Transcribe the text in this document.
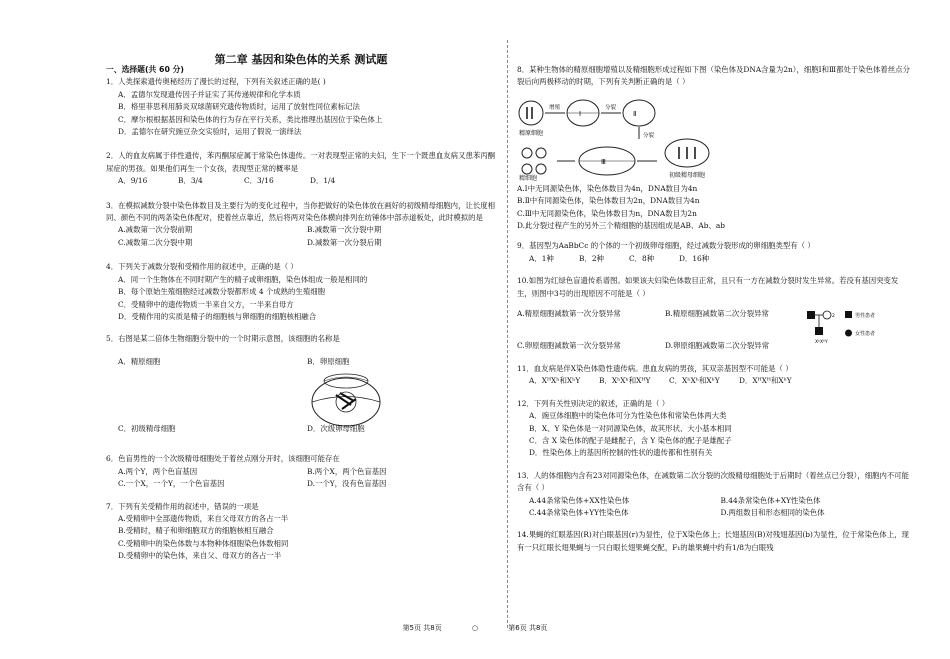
第二章 基因和染色体的关系 测试题
一、选择题(共 60 分)

1．人类探索遗传奥秘经历了漫长的过程，下列有关叙述正确的是( )

A．孟德尔发现遗传因子并证实了其传递规律和化学本质

B．格里菲思利用肺炎双球菌研究遗传物质时，运用了放射性同位素标记法

C．摩尔根根据基因和染色体的行为存在平行关系，类比推理出基因位于染色体上

D．孟德尔在研究豌豆杂交实验时，运用了假说一演绎法

2．人的血友病属于伴性遗传，苯丙酮尿症属于常染色体遗传。一对表现型正常的夫妇，生下一个既患血友病又患苯丙酮尿症的男孩。如果他们再生一个女孩，表现型正常的概率是

A．9/16	B．3/4	C．3/16	D．1/4

3．在模拟减数分裂中染色体数目及主要行为的变化过程中，当你把做好的染色体放在画好的初级精母细胞内，让长度相同、颜色不同的两条染色体配对，使着丝点靠近，然后将两对染色体横向排列在纺锤体中部赤道板处，此时模拟的是

A.减数第一次分裂前期	B.减数第一次分裂中期
C.减数第二次分裂中期	D.减数第一次分裂后期

4．下列关于减数分裂和受精作用的叙述中，正确的是（ ）

A．同一个生物体在不同时期产生的精子或卵细胞，染色体组成一般是相同的

B．每个原始生殖细胞经过减数分裂都形成 4 个成熟的生殖细胞

C．受精卵中的遗传物质一半来自父方，一半来自母方

D．受精作用的实质是精子的细胞核与卵细胞的细胞核相融合

5．右图是某二倍体生物细胞分裂中的一个时期示意图，该细胞的名称是

A．精原细胞	B．卵原细胞
C．初级精母细胞	D．次级卵母细胞

6．色盲男性的一个次级精母细胞处于着丝点刚分开时，该细胞可能存在

A.两个Y，两个色盲基因	B.两个X，两个色盲基因
C.一个X，一个Y，一个色盲基因	D.一个Y，没有色盲基因

7．下列有关受精作用的叙述中，错误的一项是

A.受精卵中全部遗传物质，来自父母双方的各占一半

B.受精时，精子和卵细胞双方的细胞核相互融合

C.受精卵中的染色体数与本物种体细胞染色体数相同

D.受精卵中的染色体，来自父、母双方的各占一半

8．某种生物体的精原细胞增殖以及精细胞形成过程如下图（染色体及DNA含量为2n），细胞Ⅰ和Ⅲ都处于染色体着丝点分裂后向两极移动的时期，下列有关判断正确的是（ ）

精原细胞
增殖
Ⅰ
分裂
Ⅱ
分裂
精细胞
Ⅲ
初级精母细胞

A.Ⅰ中无同源染色体，染色体数目为4n，DNA数目为4n

B.Ⅱ中有同源染色体，染色体数目为2n，DNA数目为4n

C.Ⅲ中无同源染色体，染色体数目为n，DNA数目为2n

D.此分裂过程产生的另外三个精细胞的基因组成是AB、Ab、ab

9．基因型为AaBbCc 的个体的一个初级卵母细胞，经过减数分裂形成的卵细胞类型有（ ）

A．1种	B．2种	C．8种	D．16种

10.如图为红绿色盲遗传系谱图。如果该夫妇染色体数目正常，且只有一方在减数分裂时发生异常。若没有基因突变发生，则图中3号的出现原因不可能是（ ）

A.精原细胞减数第一次分裂异常	B.精原细胞减数第二次分裂异常
C.卵原细胞减数第一次分裂异常	D.卵原细胞减数第二次分裂异常
2
XᵇXᵇY
男性患者
女性患者

11．血友病是伴X染色体隐性遗传病。患血友病的男孩，其双亲基因型不可能是（ ）

A．XᴴXʰ和XʰY	B．XʰXʰ和XᴴY	C．XʰXʰ和XʰY	D．XᴴXᴴ和XʰY

12．下列有关性别决定的叙述，正确的是（ ）

A．豌豆体细胞中的染色体可分为性染色体和常染色体两大类

B．X、Y 染色体是一对同源染色体，故其形状、大小基本相同

C．含 X 染色体的配子是雌配子，含 Y 染色体的配子是雄配子

D．性染色体上的基因所控制的性状的遗传都和性别有关

13．人的体细胞内含有23对同源染色体，在减数第二次分裂的次级精母细胞处于后期时（着丝点已分裂），细胞内不可能含有（ ）

A.44条常染色体+XX性染色体	B.44条常染色体+XY性染色体
C.44条常染色体+YY性染色体	D.两组数目和形态相同的染色体

14.果蝇的红眼基因(R)对白眼基因(r)为显性，位于X染色体上；长翅基因(B)对残翅基因(b)为显性，位于常染色体上，现有一只红眼长翅果蝇与一只白眼长翅果蝇交配，F₁的雄果蝇中约有1/8为白眼残

第5页 共8页	○	第6页 共8页
